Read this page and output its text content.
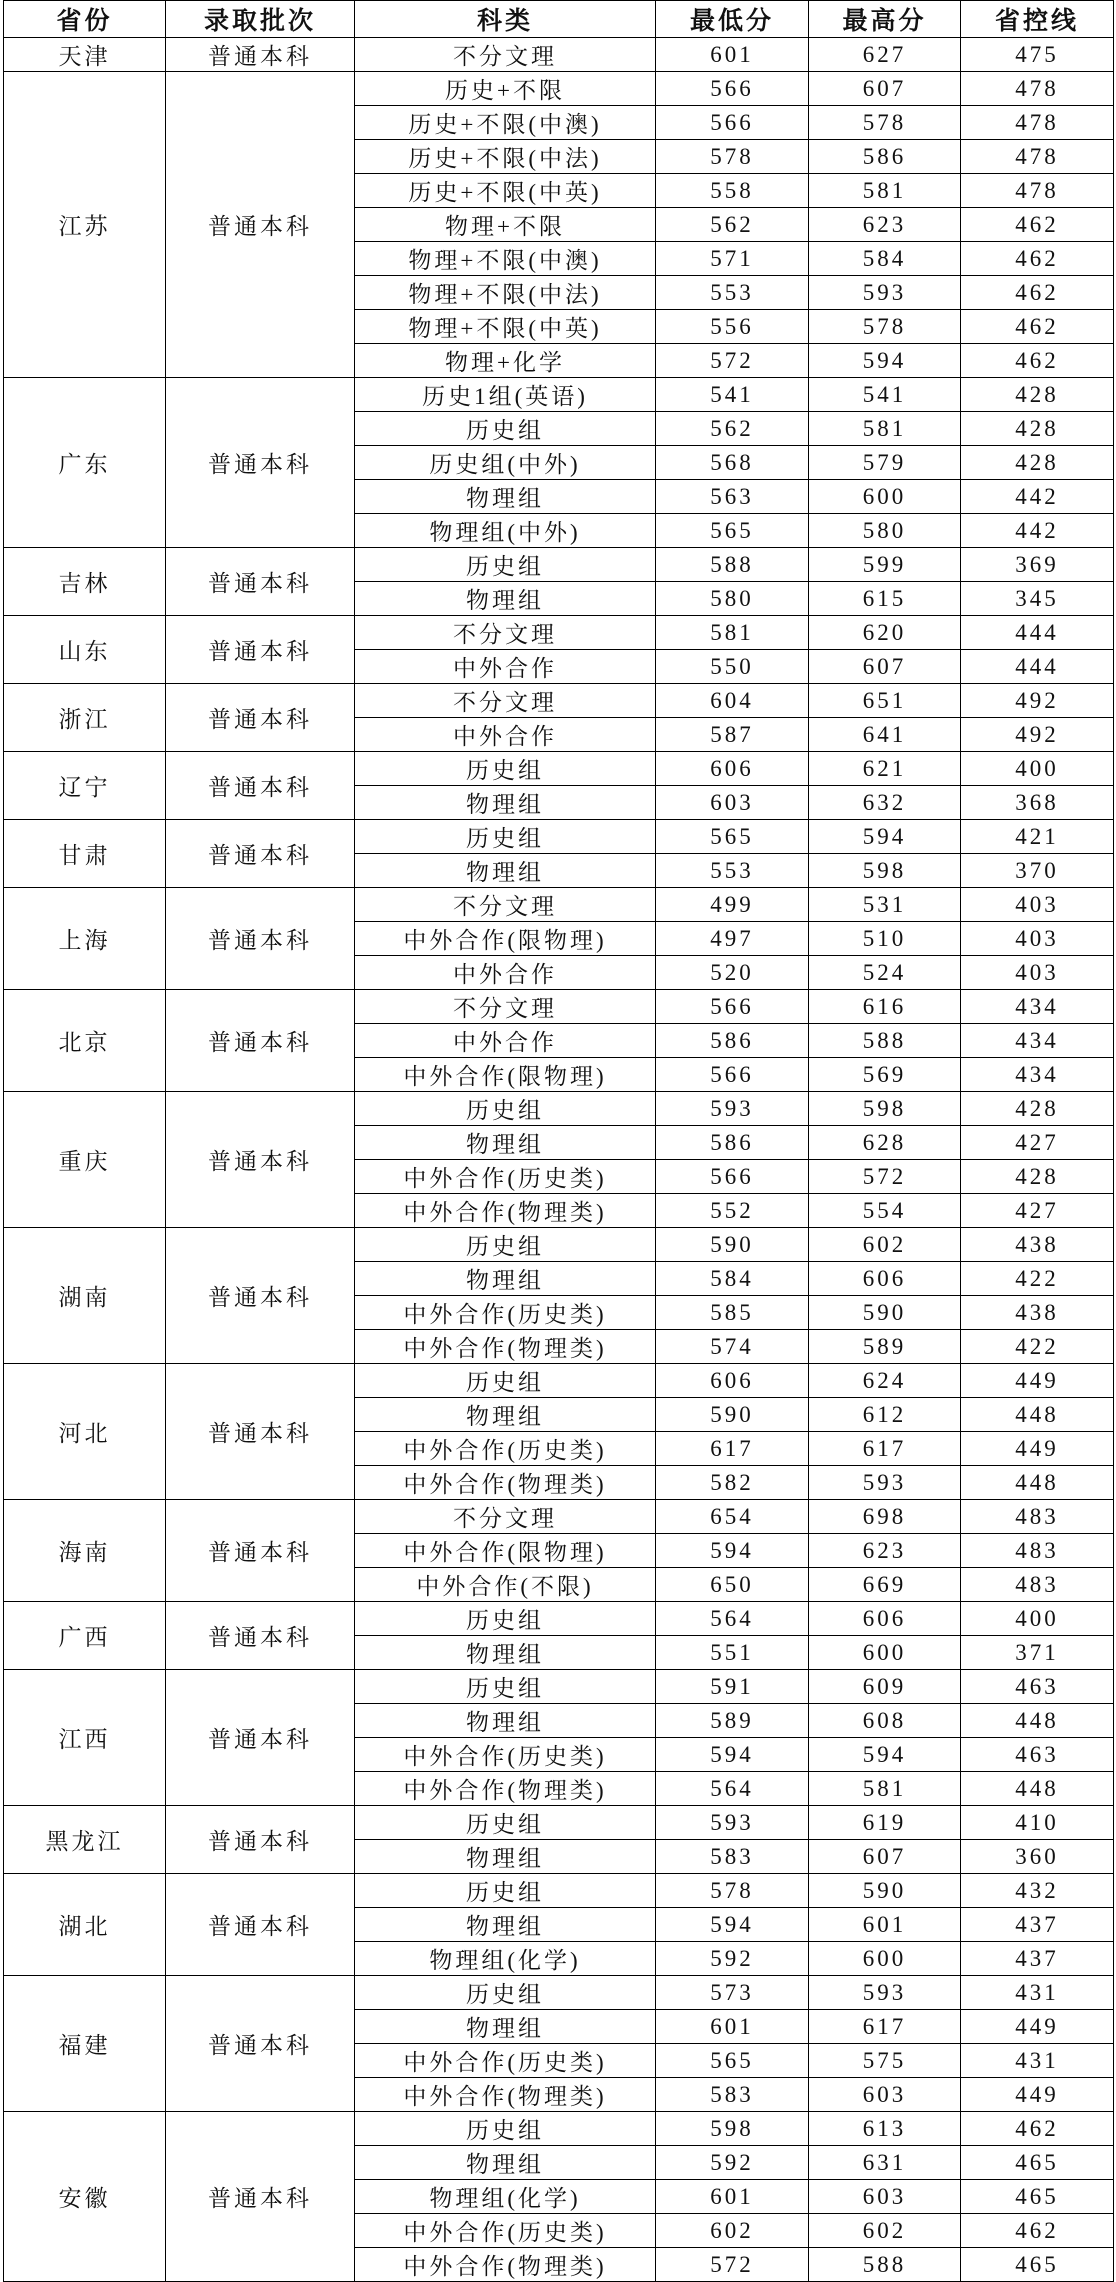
省份	录取批次	科类	最低分	最高分	省控线
天津	普通本科	不分文理	601	627	475
江苏	普通本科	历史+不限	566	607	478
		历史+不限(中澳)	566	578	478
		历史+不限(中法)	578	586	478
		历史+不限(中英)	558	581	478
		物理+不限	562	623	462
		物理+不限(中澳)	571	584	462
		物理+不限(中法)	553	593	462
		物理+不限(中英)	556	578	462
		物理+化学	572	594	462
广东	普通本科	历史1组(英语)	541	541	428
		历史组	562	581	428
		历史组(中外)	568	579	428
		物理组	563	600	442
		物理组(中外)	565	580	442
吉林	普通本科	历史组	588	599	369
		物理组	580	615	345
山东	普通本科	不分文理	581	620	444
		中外合作	550	607	444
浙江	普通本科	不分文理	604	651	492
		中外合作	587	641	492
辽宁	普通本科	历史组	606	621	400
		物理组	603	632	368
甘肃	普通本科	历史组	565	594	421
		物理组	553	598	370
上海	普通本科	不分文理	499	531	403
		中外合作(限物理)	497	510	403
		中外合作	520	524	403
北京	普通本科	不分文理	566	616	434
		中外合作	586	588	434
		中外合作(限物理)	566	569	434
重庆	普通本科	历史组	593	598	428
		物理组	586	628	427
		中外合作(历史类)	566	572	428
		中外合作(物理类)	552	554	427
湖南	普通本科	历史组	590	602	438
		物理组	584	606	422
		中外合作(历史类)	585	590	438
		中外合作(物理类)	574	589	422
河北	普通本科	历史组	606	624	449
		物理组	590	612	448
		中外合作(历史类)	617	617	449
		中外合作(物理类)	582	593	448
海南	普通本科	不分文理	654	698	483
		中外合作(限物理)	594	623	483
		中外合作(不限)	650	669	483
广西	普通本科	历史组	564	606	400
		物理组	551	600	371
江西	普通本科	历史组	591	609	463
		物理组	589	608	448
		中外合作(历史类)	594	594	463
		中外合作(物理类)	564	581	448
黑龙江	普通本科	历史组	593	619	410
		物理组	583	607	360
湖北	普通本科	历史组	578	590	432
		物理组	594	601	437
		物理组(化学)	592	600	437
福建	普通本科	历史组	573	593	431
		物理组	601	617	449
		中外合作(历史类)	565	575	431
		中外合作(物理类)	583	603	449
安徽	普通本科	历史组	598	613	462
		物理组	592	631	465
		物理组(化学)	601	603	465
		中外合作(历史类)	602	602	462
		中外合作(物理类)	572	588	465
